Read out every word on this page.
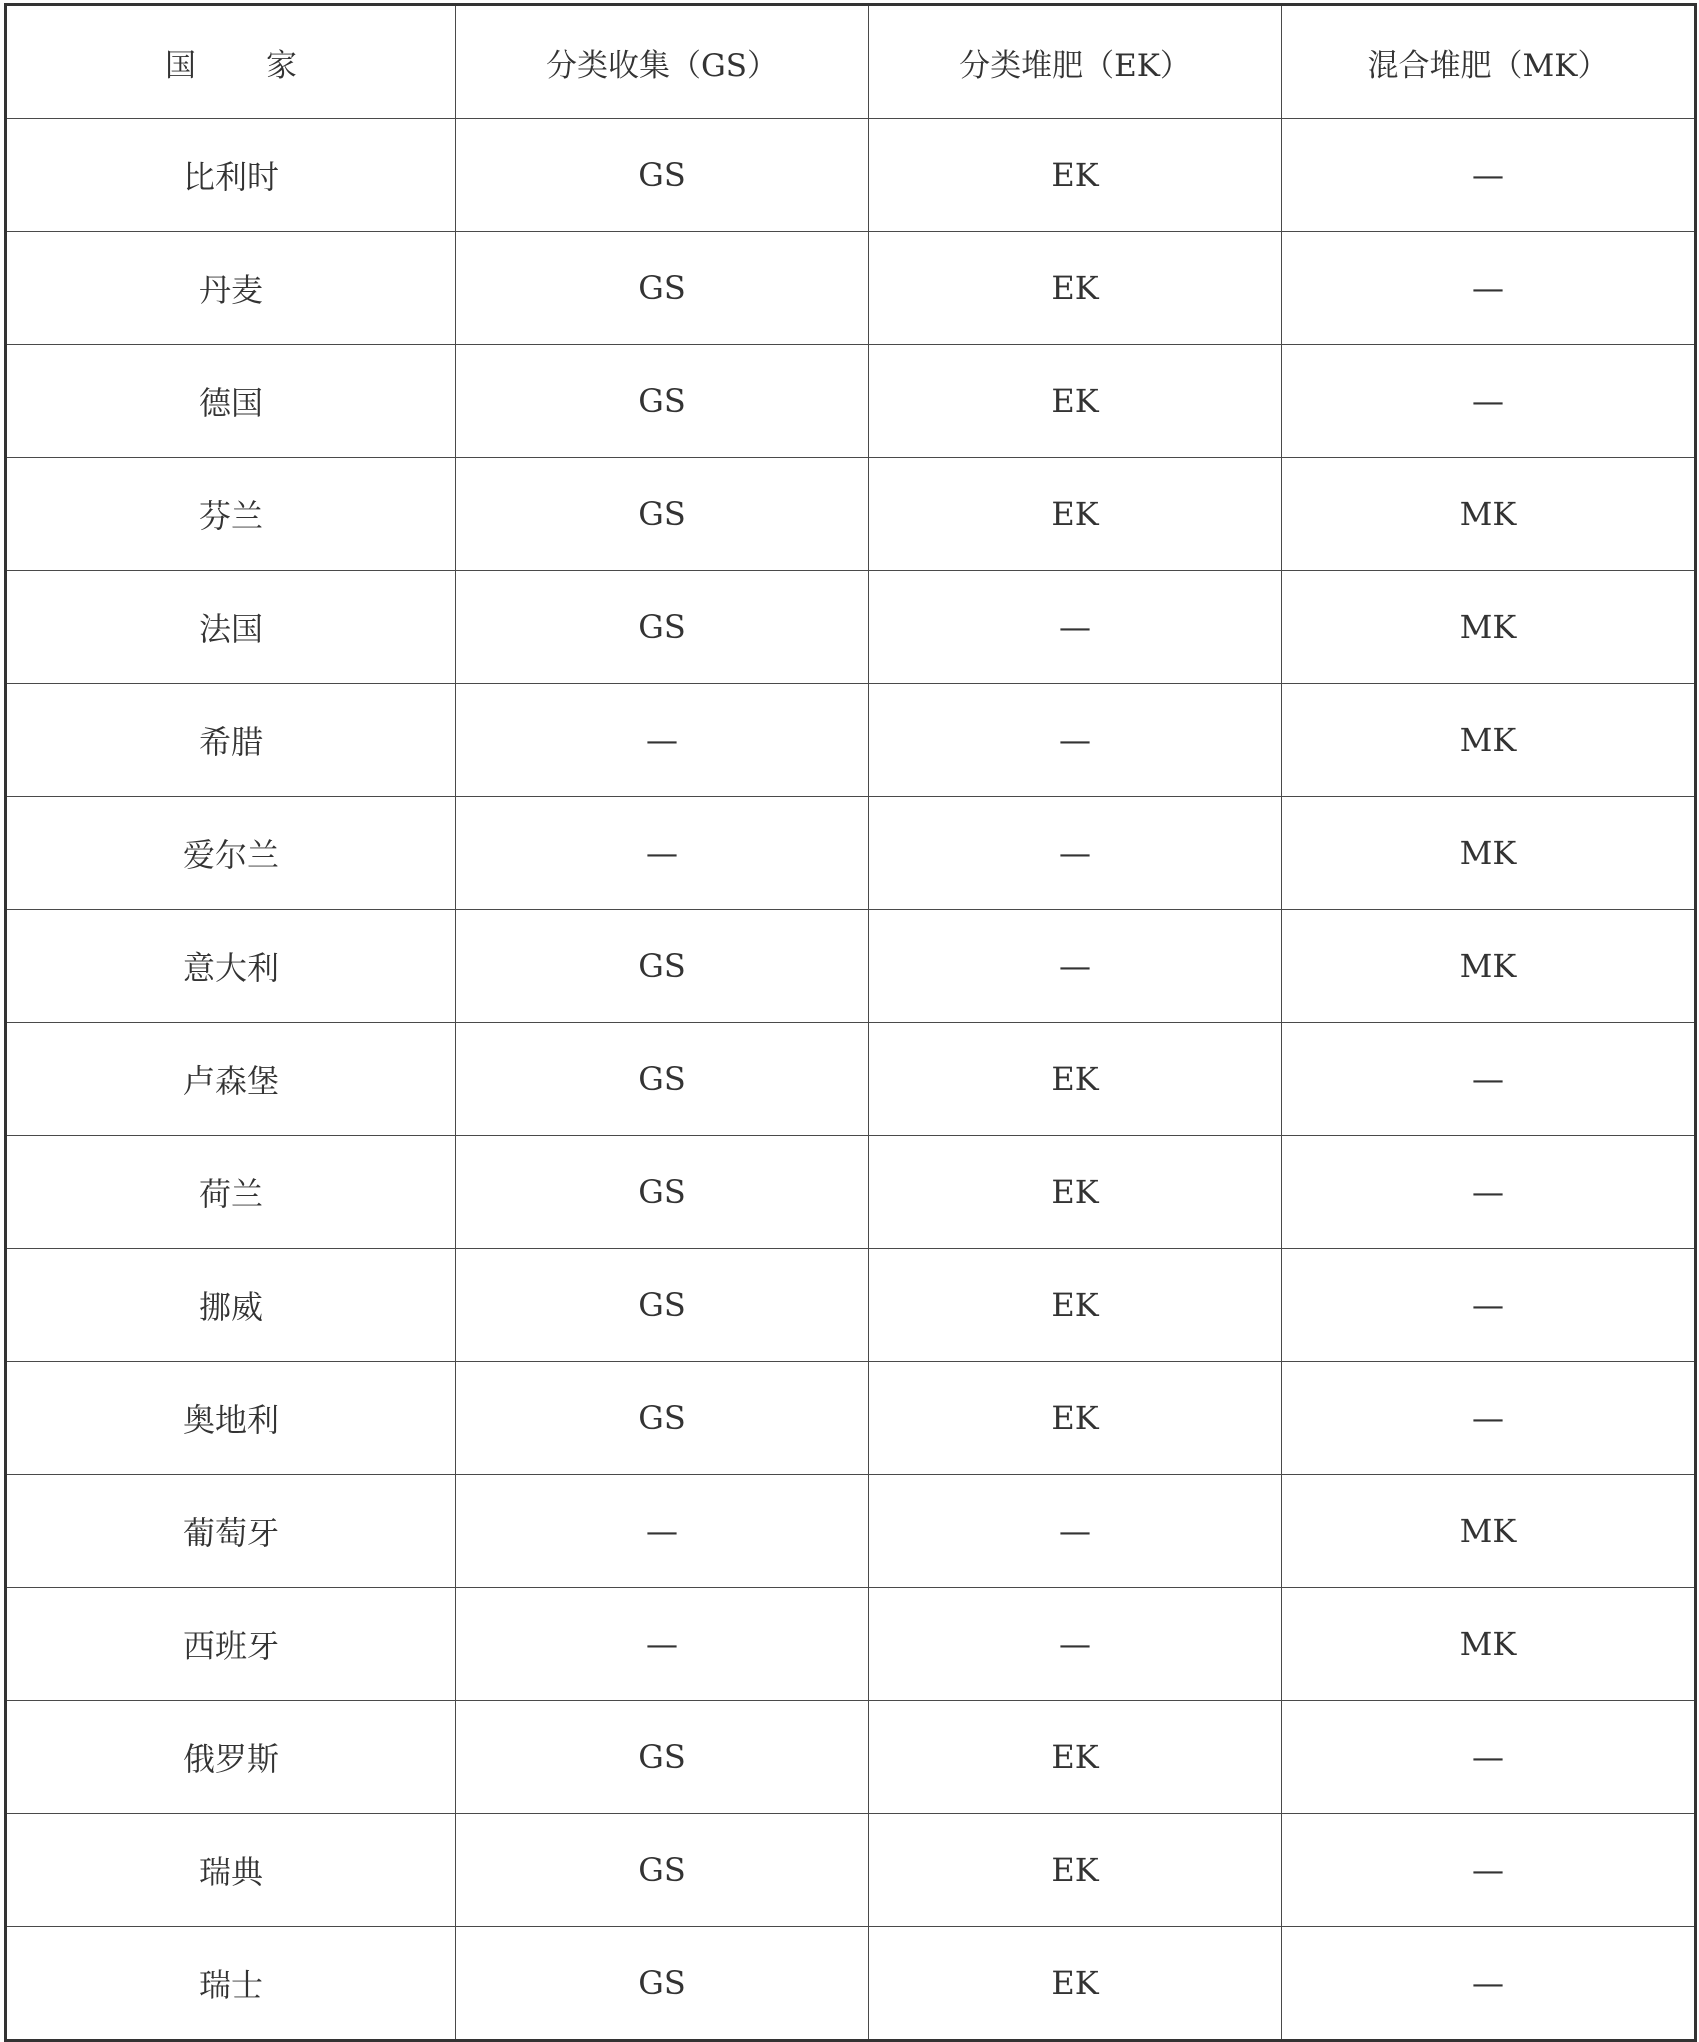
国 家	分类收集（GS）	分类堆肥（EK）	混合堆肥（MK）
比利时	GS	EK	—
丹麦	GS	EK	—
德国	GS	EK	—
芬兰	GS	EK	MK
法国	GS	—	MK
希腊	—	—	MK
爱尔兰	—	—	MK
意大利	GS	—	MK
卢森堡	GS	EK	—
荷兰	GS	EK	—
挪威	GS	EK	—
奥地利	GS	EK	—
葡萄牙	—	—	MK
西班牙	—	—	MK
俄罗斯	GS	EK	—
瑞典	GS	EK	—
瑞士	GS	EK	—
